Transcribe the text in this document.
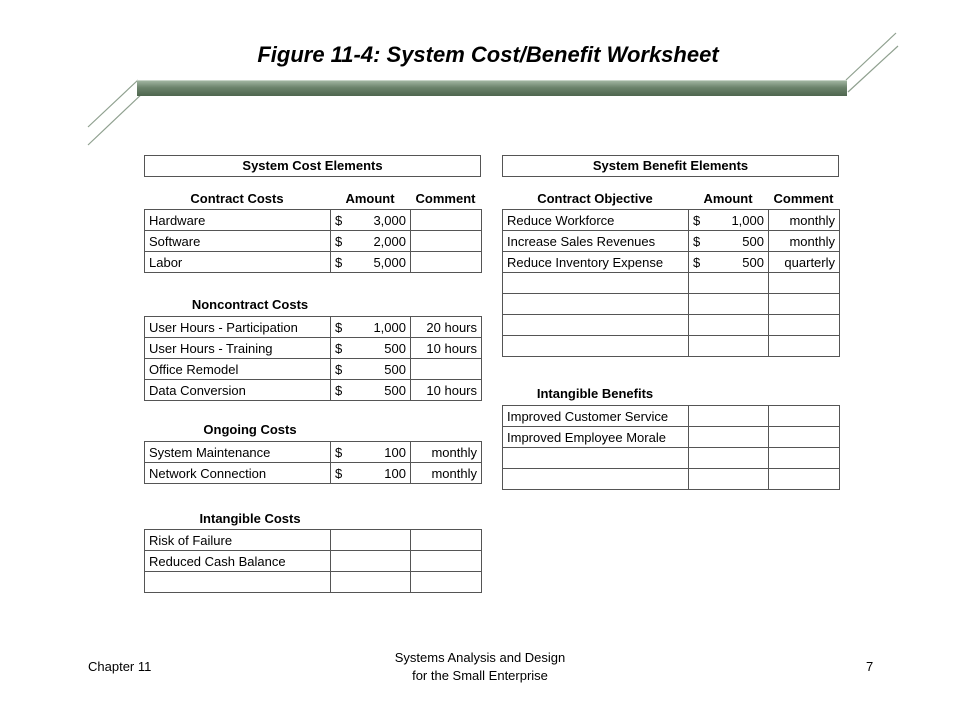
Figure 11-4: System Cost/Benefit Worksheet
System Cost Elements
Contract Costs	Amount	Comment
Hardware	$ 3,000	

Software	$ 2,000	

Labor	$ 5,000	

Noncontract Costs
User Hours - Participation	$ 1,000	20 hours
User Hours - Training	$ 500	10 hours
Office Remodel	$ 500	

Data Conversion	$ 500	10 hours
Ongoing Costs
System Maintenance	$ 100	monthly
Network Connection	$ 100	monthly
Intangible Costs
Risk of Failure	

Reduced Cash Balance	

System Benefit Elements
Contract Objective	Amount	Comment
Reduce Workforce	$ 1,000	monthly
Increase Sales Revenues	$ 500	monthly
Reduce Inventory Expense	$ 500	quarterly

Intangible Benefits
Improved Customer Service	

Improved Employee Morale	

Chapter 11
Systems Analysis and Design
for the Small Enterprise
7
